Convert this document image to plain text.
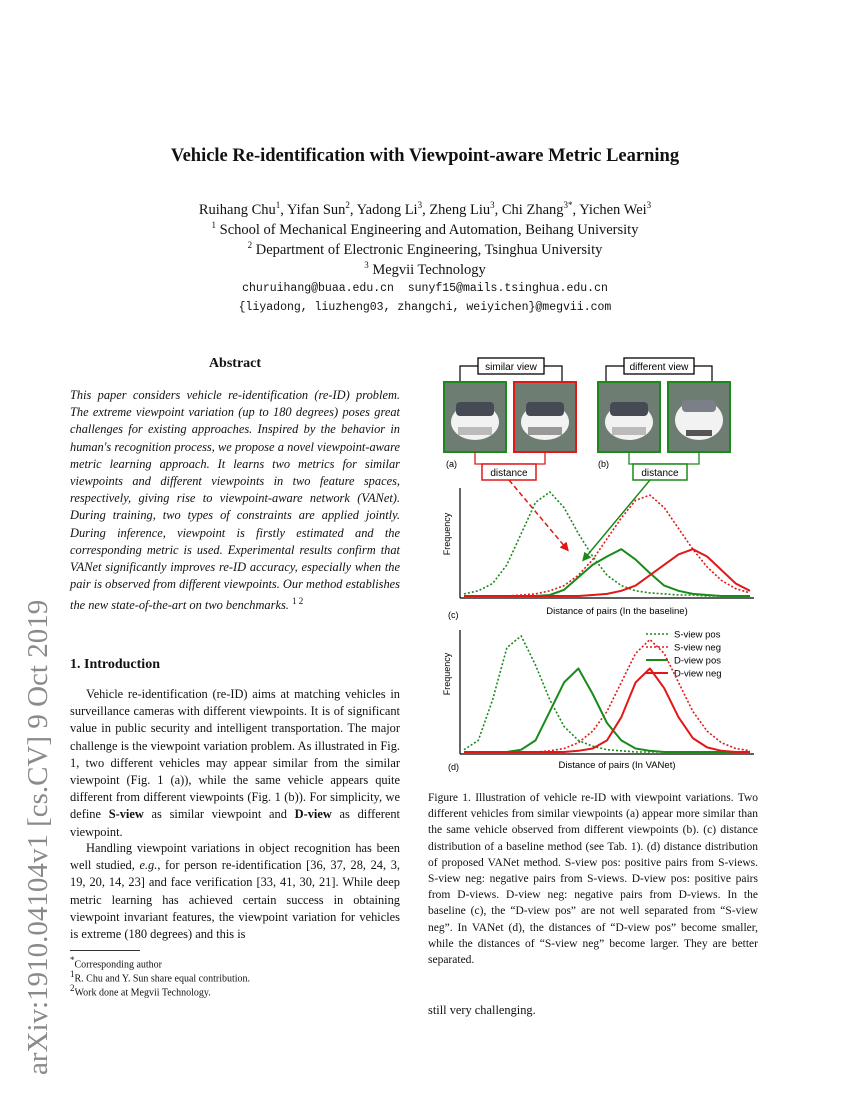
arXiv:1910.04104v1 [cs.CV] 9 Oct 2019
Vehicle Re-identification with Viewpoint-aware Metric Learning
Ruihang Chu$^1$, Yifan Sun$^2$, Yadong Li$^3$, Zheng Liu$^3$, Chi Zhang$^{3*}$, Yichen Wei$^3$
$^1$ School of Mechanical Engineering and Automation, Beihang University
$^2$ Department of Electronic Engineering, Tsinghua University
$^3$ Megvii Technology
churuihang@buaa.edu.cn  sunyf15@mails.tsinghua.edu.cn
{liyadong, liuzheng03, zhangchi, weiyichen}@megvii.com
Abstract
This paper considers vehicle re-identification (re-ID) problem. The extreme viewpoint variation (up to 180 degrees) poses great challenges for existing approaches. Inspired by the behavior in human's recognition process, we propose a novel viewpoint-aware metric learning approach. It learns two metrics for similar viewpoints and different viewpoints in two feature spaces, respectively, giving rise to viewpoint-aware network (VANet). During training, two types of constraints are applied jointly. During inference, viewpoint is firstly estimated and the corresponding metric is used. Experimental results confirm that VANet significantly improves re-ID accuracy, especially when the pair is observed from different viewpoints. Our method establishes the new state-of-the-art on two benchmarks. $^{1 2}$
1. Introduction
Vehicle re-identification (re-ID) aims at matching vehicles in surveillance cameras with different viewpoints. It is of significant value in public security and intelligent transportation. The major challenge is the viewpoint variation problem. As illustrated in Fig. 1, two different vehicles may appear similar from the similar viewpoint (Fig. 1 (a)), while the same vehicle appears quite different from different viewpoints (Fig. 1 (b)). For simplicity, we define S-view as similar viewpoint and D-view as different viewpoint.
Handling viewpoint variations in object recognition has been well studied, e.g., for person re-identification [36, 37, 28, 24, 3, 19, 20, 14, 23] and face verification [33, 41, 30, 21]. While deep metric learning has achieved certain success in obtaining viewpoint invariant features, the viewpoint variation for vehicles is extreme (180 degrees) and this is
*Corresponding author
$^1$R. Chu and Y. Sun share equal contribution.
$^2$Work done at Megvii Technology.
similar view	different view
(a)	(b)
distance	distance
Frequency
Distance of pairs (In the baseline)
(c)
Frequency
Distance of pairs (In VANet)
(d)
S-view pos
S-view neg
D-view pos
D-view neg
Figure 1. Illustration of vehicle re-ID with viewpoint variations. Two different vehicles from similar viewpoints (a) appear more similar than the same vehicle observed from different viewpoints (b). (c) distance distribution of a baseline method (see Tab. 1). (d) distance distribution of proposed VANet method. S-view pos: positive pairs from S-views. S-view neg: negative pairs from S-views. D-view pos: positive pairs from D-views. D-view neg: negative pairs from D-views. In the baseline (c), the “D-view pos” are not well separated from “S-view neg”. In VANet (d), the distances of “D-view pos” become smaller, while the distances of “S-view neg” become larger. They are better separated.
still very challenging.
